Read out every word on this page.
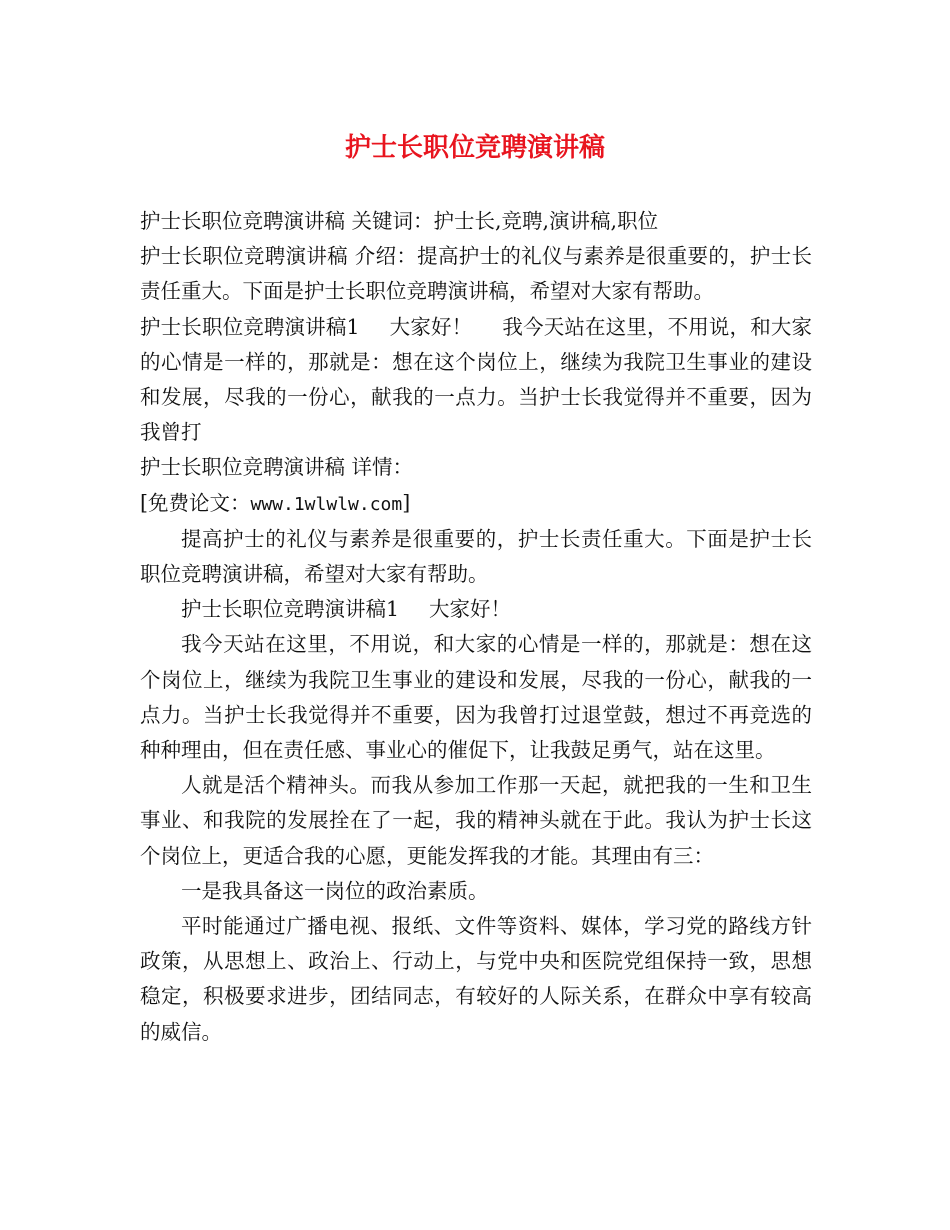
护士长职位竞聘演讲稿

护士长职位竞聘演讲稿 关键词：护士长,竞聘,演讲稿,职位

护士长职位竞聘演讲稿 介绍：提高护士的礼仪与素养是很重要的，护士长责任重大。下面是护士长职位竞聘演讲稿，希望对大家有帮助。

护士长职位竞聘演讲稿1 大家好！ 我今天站在这里，不用说，和大家的心情是一样的，那就是：想在这个岗位上，继续为我院卫生事业的建设和发展，尽我的一份心，献我的一点力。当护士长我觉得并不重要，因为我曾打

护士长职位竞聘演讲稿 详情：

[免费论文：www.1wlwlw.com]

提高护士的礼仪与素养是很重要的，护士长责任重大。下面是护士长职位竞聘演讲稿，希望对大家有帮助。

护士长职位竞聘演讲稿1 大家好！

我今天站在这里，不用说，和大家的心情是一样的，那就是：想在这个岗位上，继续为我院卫生事业的建设和发展，尽我的一份心，献我的一点力。当护士长我觉得并不重要，因为我曾打过退堂鼓，想过不再竞选的种种理由，但在责任感、事业心的催促下，让我鼓足勇气，站在这里。

人就是活个精神头。而我从参加工作那一天起，就把我的一生和卫生事业、和我院的发展拴在了一起，我的精神头就在于此。我认为护士长这个岗位上，更适合我的心愿，更能发挥我的才能。其理由有三：

一是我具备这一岗位的政治素质。

平时能通过广播电视、报纸、文件等资料、媒体，学习党的路线方针政策，从思想上、政治上、行动上，与党中央和医院党组保持一致，思想稳定，积极要求进步，团结同志，有较好的人际关系，在群众中享有较高的威信。
